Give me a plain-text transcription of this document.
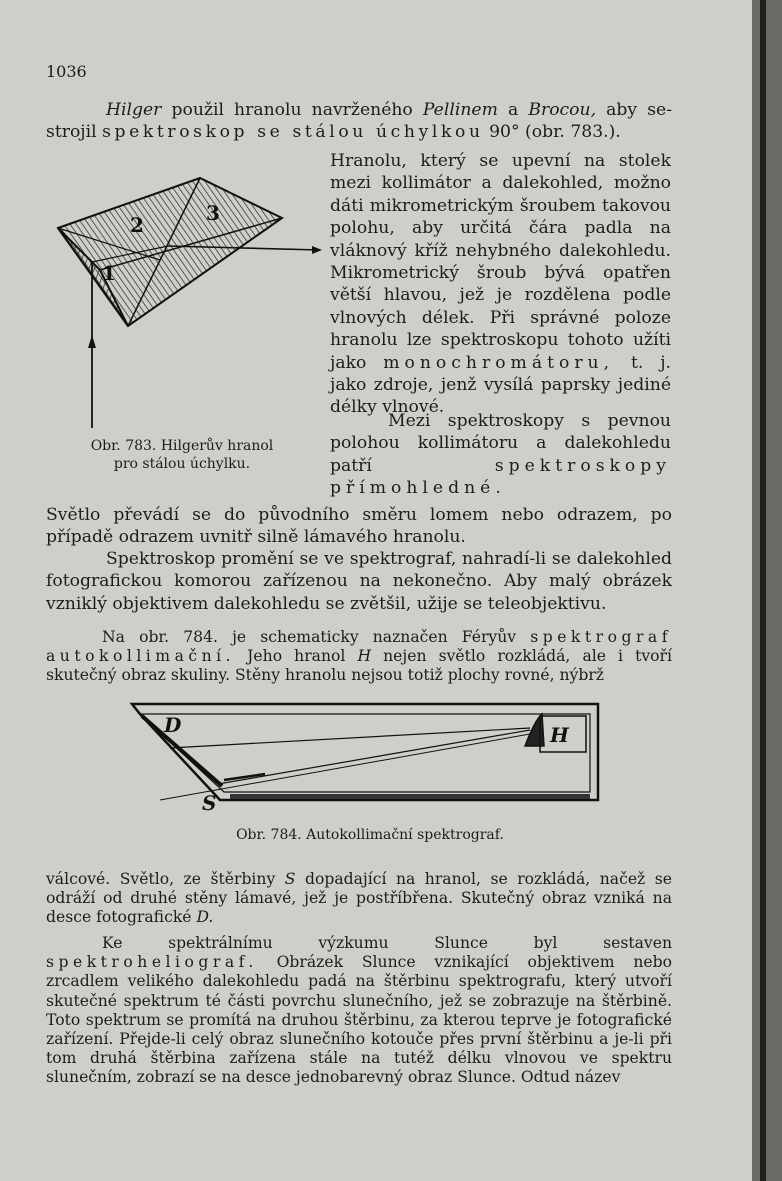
1036

Hilger použil hranolu navrženého Pellinem a Brocou, aby se-strojil spektroskop se stálou úchylkou 90° (obr. 783.).

Hranolu, který se upevní na stolek mezi kollimátor a dalekohled, možno dáti mikrometrickým šroubem takovou polohu, aby určitá čára padla na vláknový kříž nehybného dalekohledu. Mikrometrický šroub bývá opatřen větší hlavou, jež je rozdělena podle vlnových délek. Při správné poloze hranolu lze spektroskopu tohoto užíti jako monochromátoru, t. j. jako zdroje, jenž vysílá paprsky jediné délky vlnové.

Mezi spektroskopy s pevnou polohou kollimátoru a dalekohledu patří	spektroskopy přímohledné.

Světlo převádí se do původního směru lomem nebo odrazem, po případě odrazem uvnitř silně lámavého hranolu.

1
2	3
Obr. 783. Hilgerův hranol
pro stálou úchylku.

Spektroskop promění se ve spektrograf, nahradí-li se dalekohled fotografickou komorou zařízenou na nekonečno. Aby malý obrázek vzniklý objektivem dalekohledu se zvětšil, užije se teleobjektivu.

Na obr. 784. je schematicky naznačen Féryův spektrograf autokollimační. Jeho hranol H nejen světlo rozkládá, ale i tvoří skutečný obraz skuliny. Stěny hranolu nejsou totiž plochy rovné, nýbrž

D	H
S
Obr. 784. Autokollimační spektrograf.

válcové. Světlo, ze štěrbiny S dopadající na hranol, se rozkládá, načež se odráží od druhé stěny lámavé, jež je postříbřena. Skutečný obraz vzniká na desce fotografické D.

Ke spektrálnímu výzkumu Slunce byl sestaven spektroheliograf. Obrázek Slunce vznikající objektivem nebo zrcadlem velikého dalekohledu padá na štěrbinu spektrografu, který utvoří skutečné spektrum té části povrchu slunečního, jež se zobrazuje na štěrbině. Toto spektrum se promítá na druhou štěrbinu, za kterou teprve je fotografické zařízení. Přejde-li celý obraz slunečního kotouče přes první štěrbinu a je-li při tom druhá štěrbina zařízena stále na tutéž délku vlnovou ve spektru slunečním, zobrazí se na desce jednobarevný obraz Slunce. Odtud název
